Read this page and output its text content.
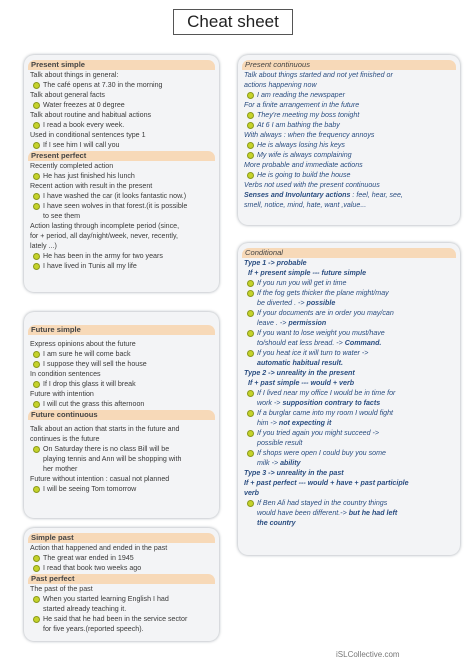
Cheat sheet
Present simple
Talk about things in general:
The café opens at 7.30 in the morning
Talk about general facts
Water freezes at 0 degree
Talk about routine and habitual actions
I read a book every week.
Used in conditional sentences type 1
If I see him I will call you
Present perfect
Recently completed action
He has just finished his lunch
Recent action with result in the present
I have washed the car (it looks fantastic now.)
I have seen wolves in that forest.(it is possible
to see them
Action lasting through incomplete period (since,
for + period, all day/night/week, never, recently,
lately ...)
He has been in the army for two years
I have lived in Tunis all my life
Future simple
Express opinions about the future
I am sure he will come back
I suppose they will sell the house
In condition sentences
If I drop this glass it will break
Future with intention
I will cut the grass this afternoon
Future continuous
Talk about an action that starts in the future and
continues is the future
On Saturday there is no class Bill will be
playing tennis and Ann will be shopping with
her mother
Future without intention : casual not planned
I will be seeing Tom tomorrow
Simple past
Action that happened and ended in the past
The great war ended in 1945
I read that book two weeks ago
Past perfect
The past of the past
When you started learning English I had
started already teaching it.
He said that he had been in the service sector
for five years.(reported speech).
Present continuous
Talk about things started and not yet finished or
actions happening now
I am reading the newspaper
For a finite arrangement in the future
They're meeting my boss tonight
At 6 I am bathing the baby
With always : when the frequency annoys
He is always losing his keys
My wife is always complaining
More probable and immediate actions
He is going to build the house
Verbs not used with the present continuous
Senses and Involuntary actions : feel, hear, see,
smell, notice, mind, hate, want ,value...
Conditional
Type 1 -> probable
If + present simple --- future simple
If you run you will get in time
If the fog gets thicker the plane might/may
be diverted . -> possible
If your documents are in order you may/can
leave . -> permission
If you want to lose weight you must/have
to/should eat less bread. -> Command.
If you heat ice it will turn to water ->
automatic habitual result.
Type 2 -> unreality in the present
If + past simple --- would + verb
If I lived near my office I would be in time for
work -> supposition contrary to facts
If a burglar came into my room I would fight
him -> not expecting it
If you tried again you might succeed ->
possible result
If shops were open I could buy you some
milk -> ability
Type 3 -> unreality in the past
If + past perfect --- would + have + past participle
verb
If Ben Ali had stayed in the country things
would have been different.-> but he had left
the country
iSLCollective.com
